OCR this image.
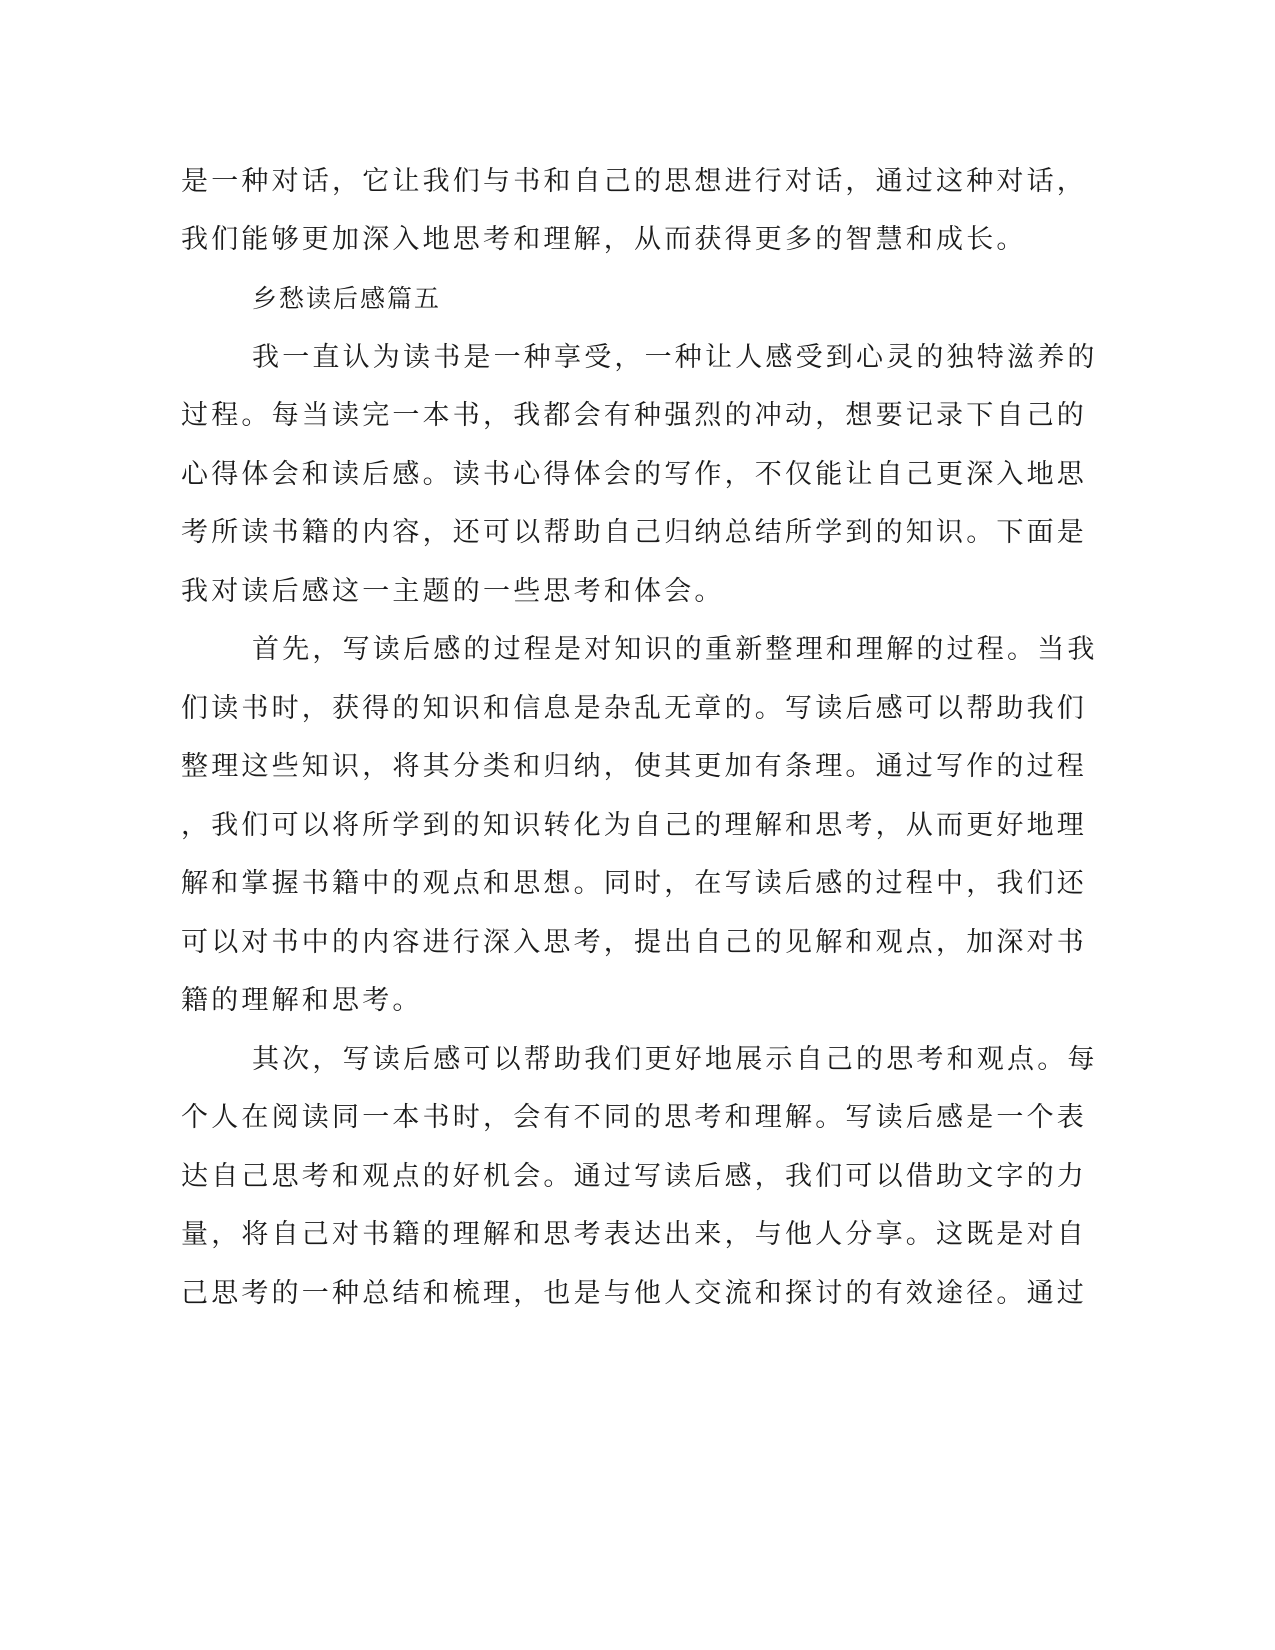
是一种对话，它让我们与书和自己的思想进行对话，通过这种对话，
我们能够更加深入地思考和理解，从而获得更多的智慧和成长。
乡愁读后感篇五
我一直认为读书是一种享受，一种让人感受到心灵的独特滋养的
过程。每当读完一本书，我都会有种强烈的冲动，想要记录下自己的
心得体会和读后感。读书心得体会的写作，不仅能让自己更深入地思
考所读书籍的内容，还可以帮助自己归纳总结所学到的知识。下面是
我对读后感这一主题的一些思考和体会。
首先，写读后感的过程是对知识的重新整理和理解的过程。当我
们读书时，获得的知识和信息是杂乱无章的。写读后感可以帮助我们
整理这些知识，将其分类和归纳，使其更加有条理。通过写作的过程
，我们可以将所学到的知识转化为自己的理解和思考，从而更好地理
解和掌握书籍中的观点和思想。同时，在写读后感的过程中，我们还
可以对书中的内容进行深入思考，提出自己的见解和观点，加深对书
籍的理解和思考。
其次，写读后感可以帮助我们更好地展示自己的思考和观点。每
个人在阅读同一本书时，会有不同的思考和理解。写读后感是一个表
达自己思考和观点的好机会。通过写读后感，我们可以借助文字的力
量，将自己对书籍的理解和思考表达出来，与他人分享。这既是对自
己思考的一种总结和梳理，也是与他人交流和探讨的有效途径。通过
